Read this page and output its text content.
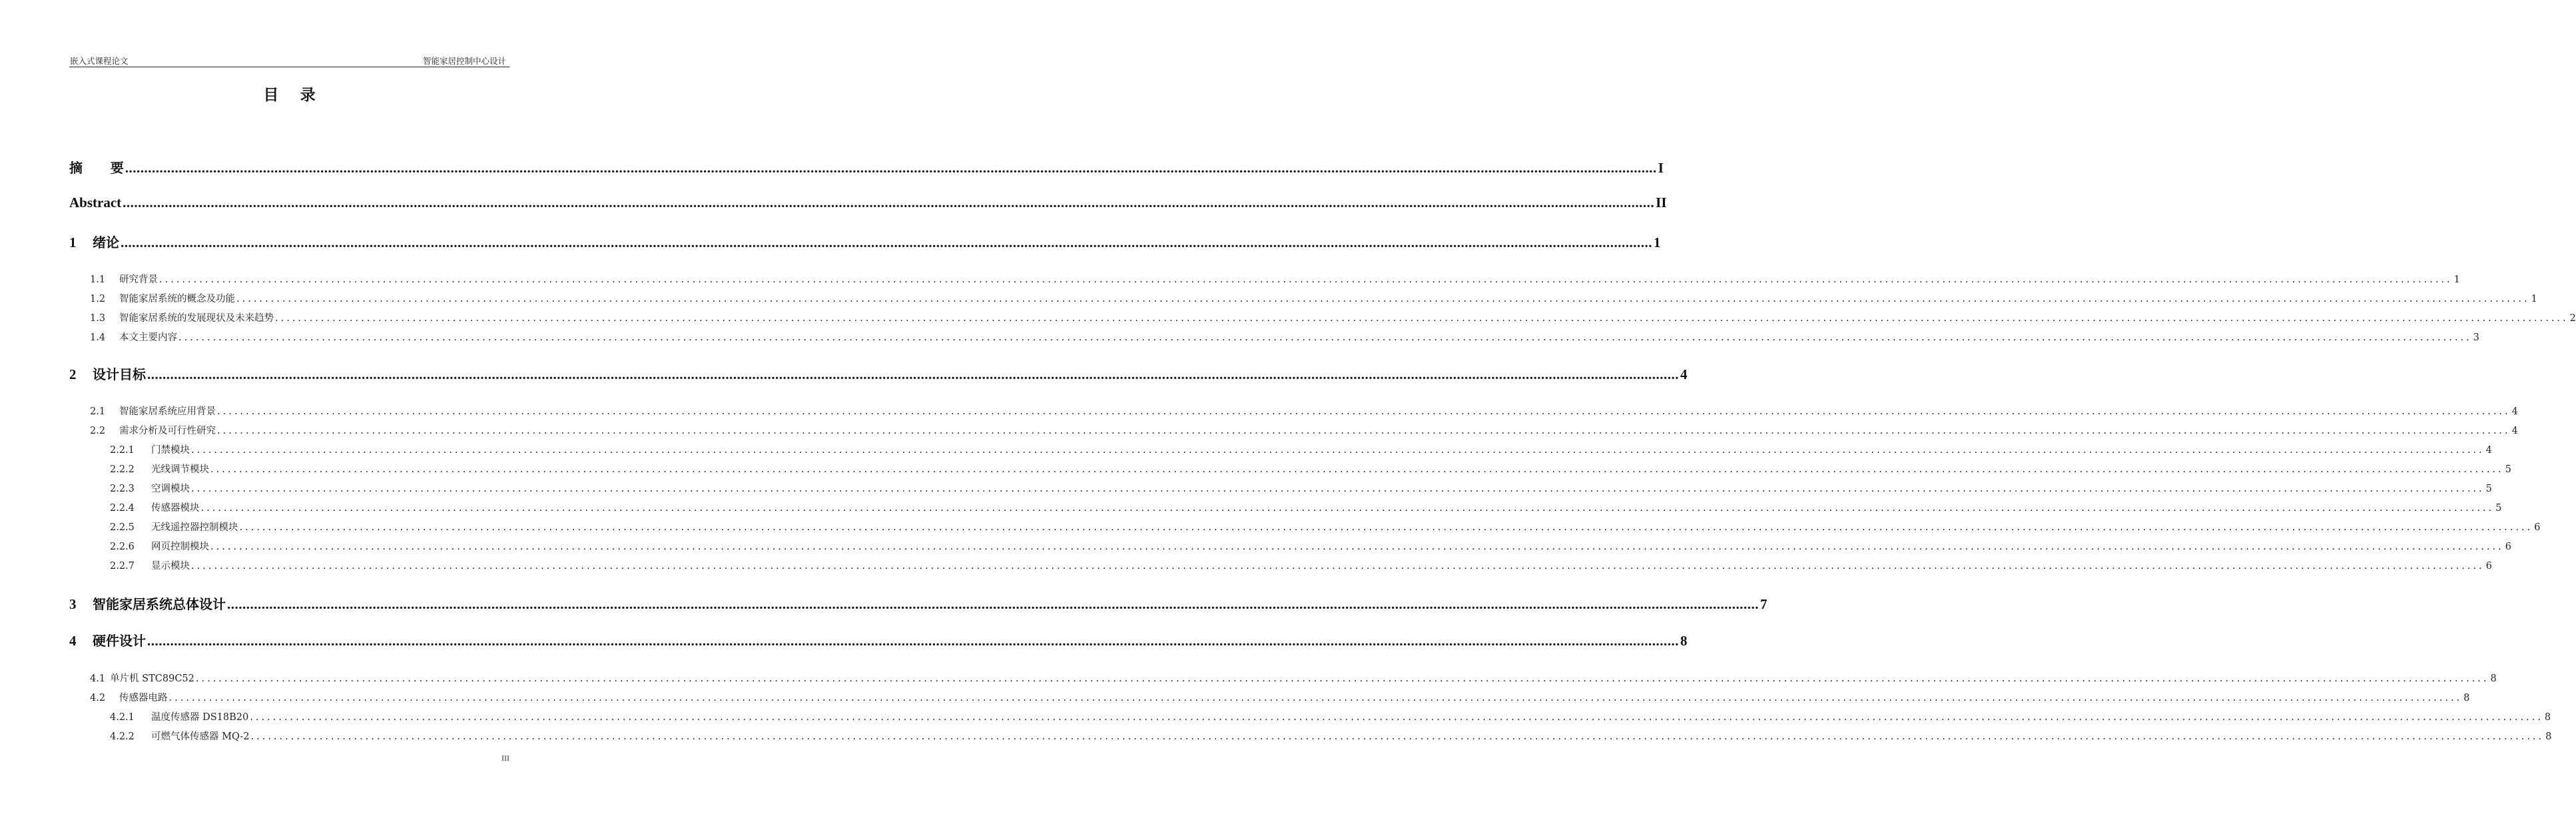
嵌入式课程论文	智能家居控制中心设计
目录
摘      要 ................................................................................................................................................................................................................................................................................................................................................................................................................ I
Abstract ................................................................................................................................................................................................................................................................................................................................................................................................................ II
1 绪论 ................................................................................................................................................................................................................................................................................................................................................................................................................ 1
1.1 研究背景 ................................................................................................................................................................................................................................................................................................................................................................................................................ 1
1.2 智能家居系统的概念及功能 ................................................................................................................................................................................................................................................................................................................................................................................................................ 1
1.3 智能家居系统的发展现状及未来趋势 ................................................................................................................................................................................................................................................................................................................................................................................................................ 2
1.4 本文主要内容 ................................................................................................................................................................................................................................................................................................................................................................................................................ 3
2 设计目标 ................................................................................................................................................................................................................................................................................................................................................................................................................ 4
2.1 智能家居系统应用背景 ................................................................................................................................................................................................................................................................................................................................................................................................................ 4
2.2 需求分析及可行性研究 ................................................................................................................................................................................................................................................................................................................................................................................................................ 4
2.2.1 门禁模块 ................................................................................................................................................................................................................................................................................................................................................................................................................ 4
2.2.2 光线调节模块 ................................................................................................................................................................................................................................................................................................................................................................................................................ 5
2.2.3 空调模块 ................................................................................................................................................................................................................................................................................................................................................................................................................ 5
2.2.4 传感器模块 ................................................................................................................................................................................................................................................................................................................................................................................................................ 5
2.2.5 无线遥控器控制模块 ................................................................................................................................................................................................................................................................................................................................................................................................................ 6
2.2.6 网页控制模块 ................................................................................................................................................................................................................................................................................................................................................................................................................ 6
2.2.7 显示模块 ................................................................................................................................................................................................................................................................................................................................................................................................................ 6
3 智能家居系统总体设计 ................................................................................................................................................................................................................................................................................................................................................................................................................ 7
4 硬件设计 ................................................................................................................................................................................................................................................................................................................................................................................................................ 8
4.1 单片机 STC89C52 ................................................................................................................................................................................................................................................................................................................................................................................................................ 8
4.2 传感器电路 ................................................................................................................................................................................................................................................................................................................................................................................................................ 8
4.2.1 温度传感器 DS18B20 ................................................................................................................................................................................................................................................................................................................................................................................................................ 8
4.2.2 可燃气体传感器 MQ-2 ................................................................................................................................................................................................................................................................................................................................................................................................................ 8
III
